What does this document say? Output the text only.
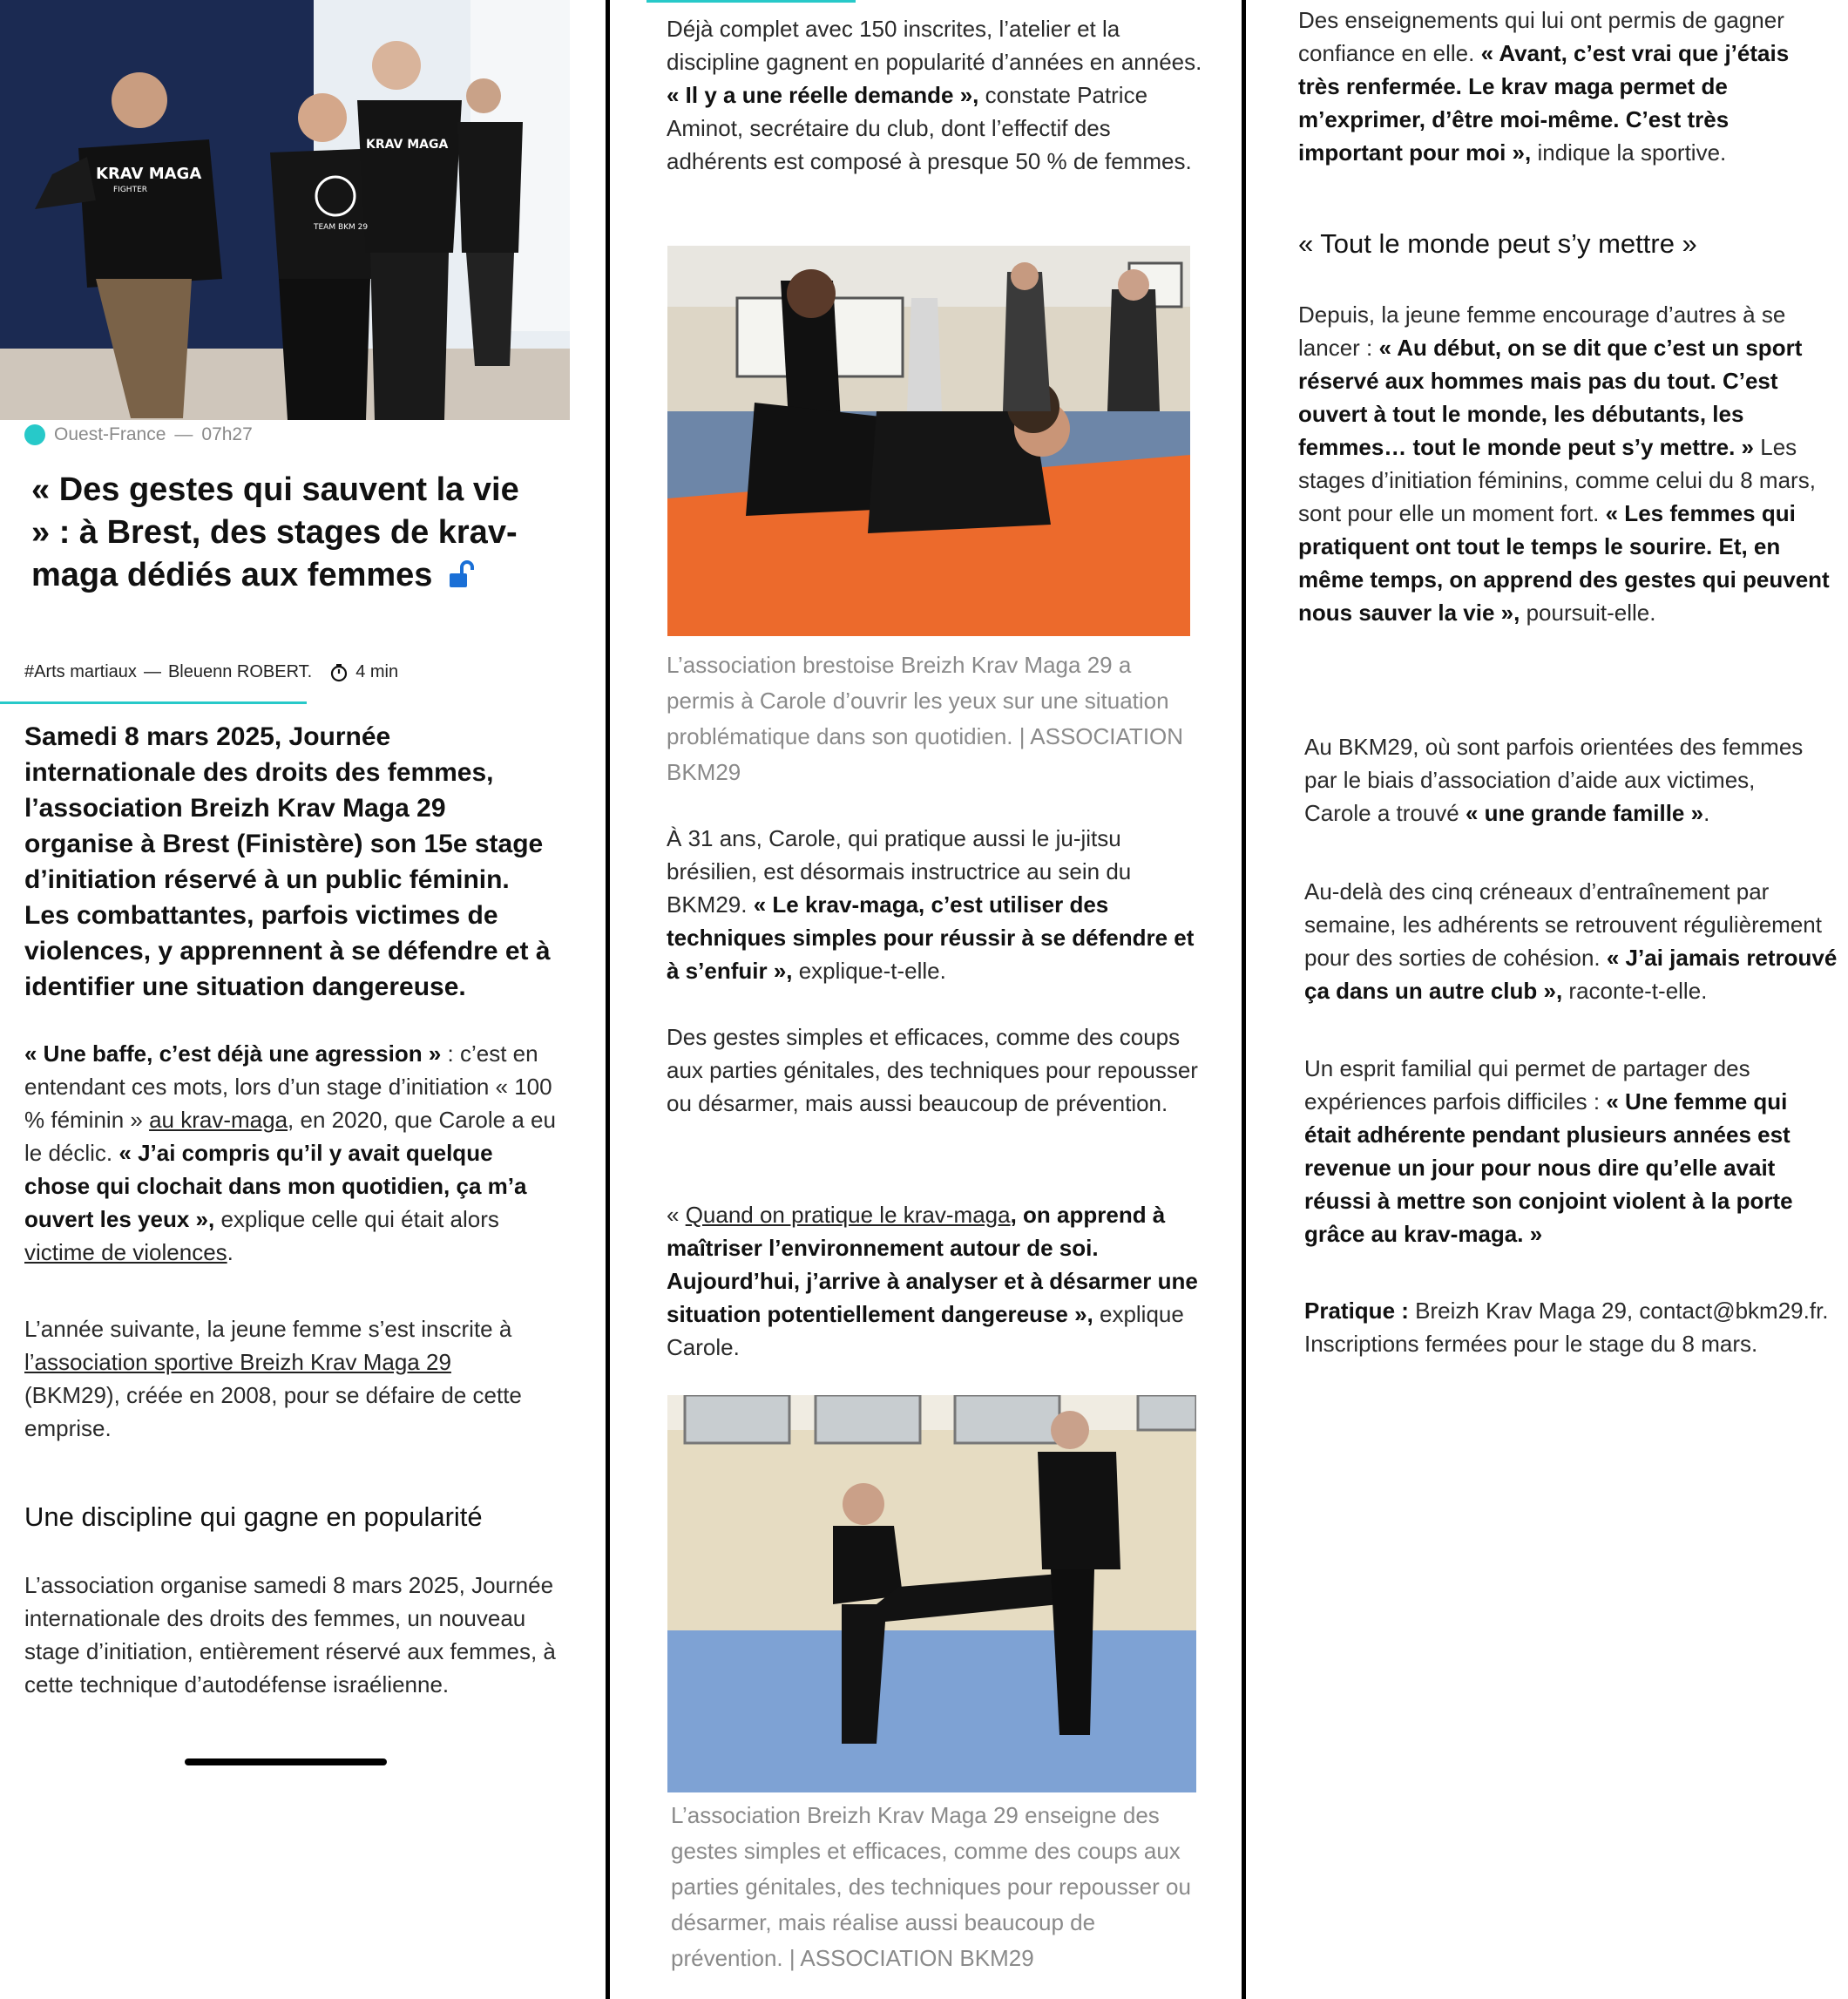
KRAV MAGA
FIGHTER
KRAV MAGA
TEAM BKM 29
Ouest-France — 07h27
« Des gestes qui sauvent la vie » : à Brest, des stages de krav-maga dédiés aux femmes
#Arts martiaux — Bleuenn ROBERT.	4 min

Samedi 8 mars 2025, Journée internationale des droits des femmes, l’association Breizh Krav Maga 29 organise à Brest (Finistère) son 15e stage d’initiation réservé à un public féminin. Les combattantes, parfois victimes de violences, y apprennent à se défendre et à identifier une situation dangereuse.

« Une baffe, c’est déjà une agression » : c’est en entendant ces mots, lors d’un stage d’initiation « 100 % féminin » au krav-maga, en 2020, que Carole a eu le déclic. « J’ai compris qu’il y avait quelque chose qui clochait dans mon quotidien, ça m’a ouvert les yeux », explique celle qui était alors victime de violences.

L’année suivante, la jeune femme s’est inscrite à l’association sportive Breizh Krav Maga 29 (BKM29), créée en 2008, pour se défaire de cette emprise.

Une discipline qui gagne en popularité

L’association organise samedi 8 mars 2025, Journée internationale des droits des femmes, un nouveau stage d’initiation, entièrement réservé aux femmes, à cette technique d’autodéfense israélienne.

Déjà complet avec 150 inscrites, l’atelier et la discipline gagnent en popularité d’années en années. « Il y a une réelle demande », constate Patrice Aminot, secrétaire du club, dont l’effectif des adhérents est composé à presque 50 % de femmes.

L’association brestoise Breizh Krav Maga 29 a permis à Carole d’ouvrir les yeux sur une situation problématique dans son quotidien. | ASSOCIATION BKM29

À 31 ans, Carole, qui pratique aussi le ju-jitsu brésilien, est désormais instructrice au sein du BKM29. « Le krav-maga, c’est utiliser des techniques simples pour réussir à se défendre et à s’enfuir », explique-t-elle.

Des gestes simples et efficaces, comme des coups aux parties génitales, des techniques pour repousser ou désarmer, mais aussi beaucoup de prévention.

« Quand on pratique le krav-maga, on apprend à maîtriser l’environnement autour de soi. Aujourd’hui, j’arrive à analyser et à désarmer une situation potentiellement dangereuse », explique Carole.

L’association Breizh Krav Maga 29 enseigne des gestes simples et efficaces, comme des coups aux parties génitales, des techniques pour repousser ou désarmer, mais réalise aussi beaucoup de prévention. | ASSOCIATION BKM29

Des enseignements qui lui ont permis de gagner confiance en elle. « Avant, c’est vrai que j’étais très renfermée. Le krav maga permet de m’exprimer, d’être moi-même. C’est très important pour moi », indique la sportive.

« Tout le monde peut s’y mettre »

Depuis, la jeune femme encourage d’autres à se lancer : « Au début, on se dit que c’est un sport réservé aux hommes mais pas du tout. C’est ouvert à tout le monde, les débutants, les femmes… tout le monde peut s’y mettre. » Les stages d’initiation féminins, comme celui du 8 mars, sont pour elle un moment fort. « Les femmes qui pratiquent ont tout le temps le sourire. Et, en même temps, on apprend des gestes qui peuvent nous sauver la vie », poursuit-elle.

Au BKM29, où sont parfois orientées des femmes par le biais d’association d’aide aux victimes, Carole a trouvé « une grande famille ».

Au-delà des cinq créneaux d’entraînement par semaine, les adhérents se retrouvent régulièrement pour des sorties de cohésion. « J’ai jamais retrouvé ça dans un autre club », raconte-t-elle.

Un esprit familial qui permet de partager des expériences parfois difficiles : « Une femme qui était adhérente pendant plusieurs années est revenue un jour pour nous dire qu’elle avait réussi à mettre son conjoint violent à la porte grâce au krav-maga. »

Pratique : Breizh Krav Maga 29, contact@bkm29.fr. Inscriptions fermées pour le stage du 8 mars.
